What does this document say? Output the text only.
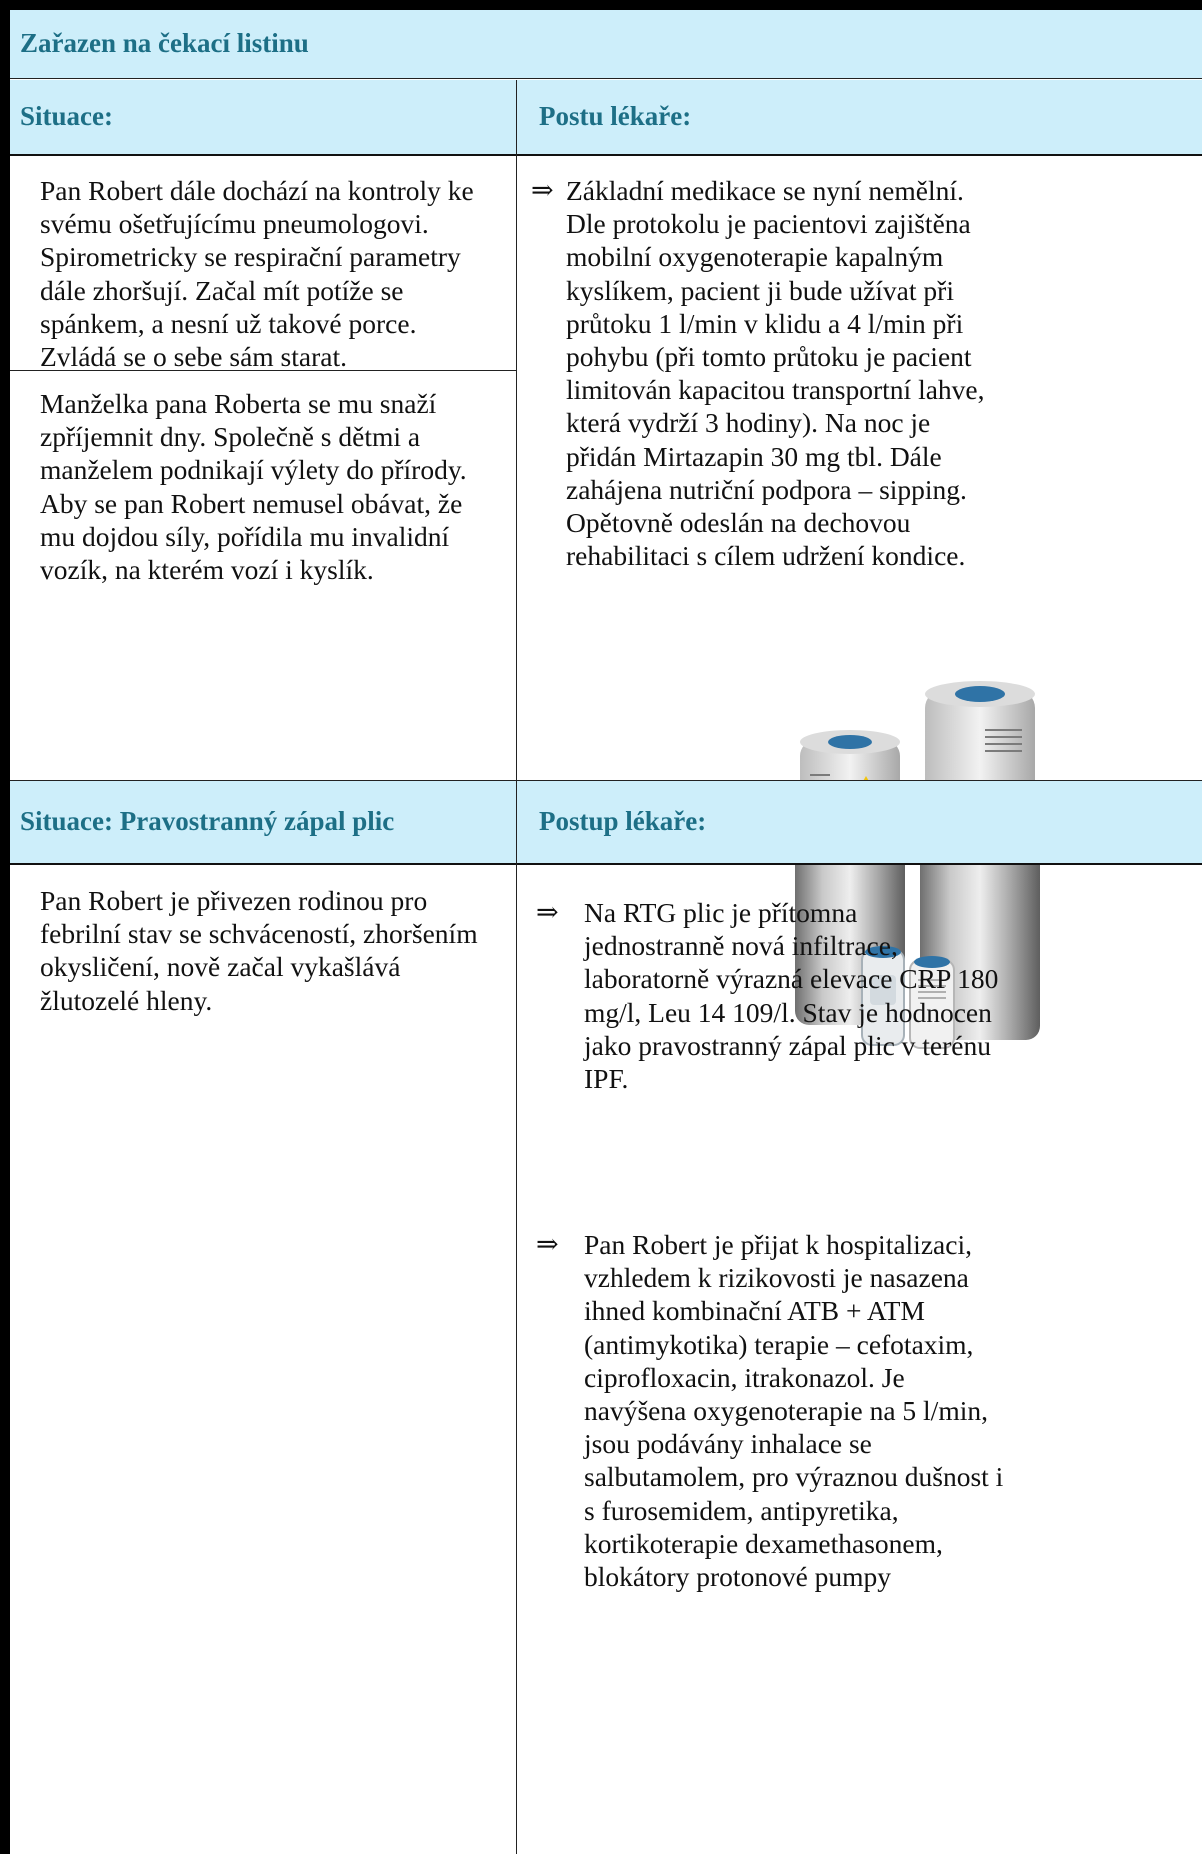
Zařazen na čekací listinu
Situace:	Postu lékaře:
Pan Robert dále dochází na kontroly ke svému ošetřujícímu pneumologovi. Spirometricky se respirační parametry dále zhoršují. Začal mít potíže se spánkem, a nesní už takové porce. Zvládá se o sebe sám starat.
Manželka pana Roberta se mu snaží zpříjemnit dny. Společně s dětmi a manželem podnikají výlety do přírody. Aby se pan Robert nemusel obávat, že mu dojdou síly, pořídila mu invalidní vozík, na kterém vozí i kyslík.
⇒ Základní medikace se nyní nemělní. Dle protokolu je pacientovi zajištěna mobilní oxygenoterapie kapalným kyslíkem, pacient ji bude užívat při průtoku 1 l/min v klidu a 4 l/min při pohybu (při tomto průtoku je pacient limitován kapacitou transportní lahve, která vydrží 3 hodiny). Na noc je přidán Mirtazapin 30 mg tbl. Dále zahájena nutriční podpora – sipping. Opětovně odeslán na dechovou rehabilitaci s cílem udržení kondice.
Situace: Pravostranný zápal plic	Postup lékaře:
Pan Robert je přivezen rodinou pro febrilní stav se schváceností, zhoršením okysličení, nově začal vykašlává žlutozelé hleny.
⇒ Na RTG plic je přítomna jednostranně nová infiltrace, laboratorně výrazná elevace CRP 180 mg/l, Leu 14 109/l. Stav je hodnocen jako pravostranný zápal plic v terénu IPF.
⇒ Pan Robert je přijat k hospitalizaci, vzhledem k rizikovosti je nasazena ihned kombinační ATB + ATM (antimykotika) terapie – cefotaxim, ciprofloxacin, itrakonazol. Je navýšena oxygenoterapie na 5 l/min, jsou podávány inhalace se salbutamolem, pro výraznou dušnost i s furosemidem, antipyretika, kortikoterapie dexamethasonem, blokátory protonové pumpy
